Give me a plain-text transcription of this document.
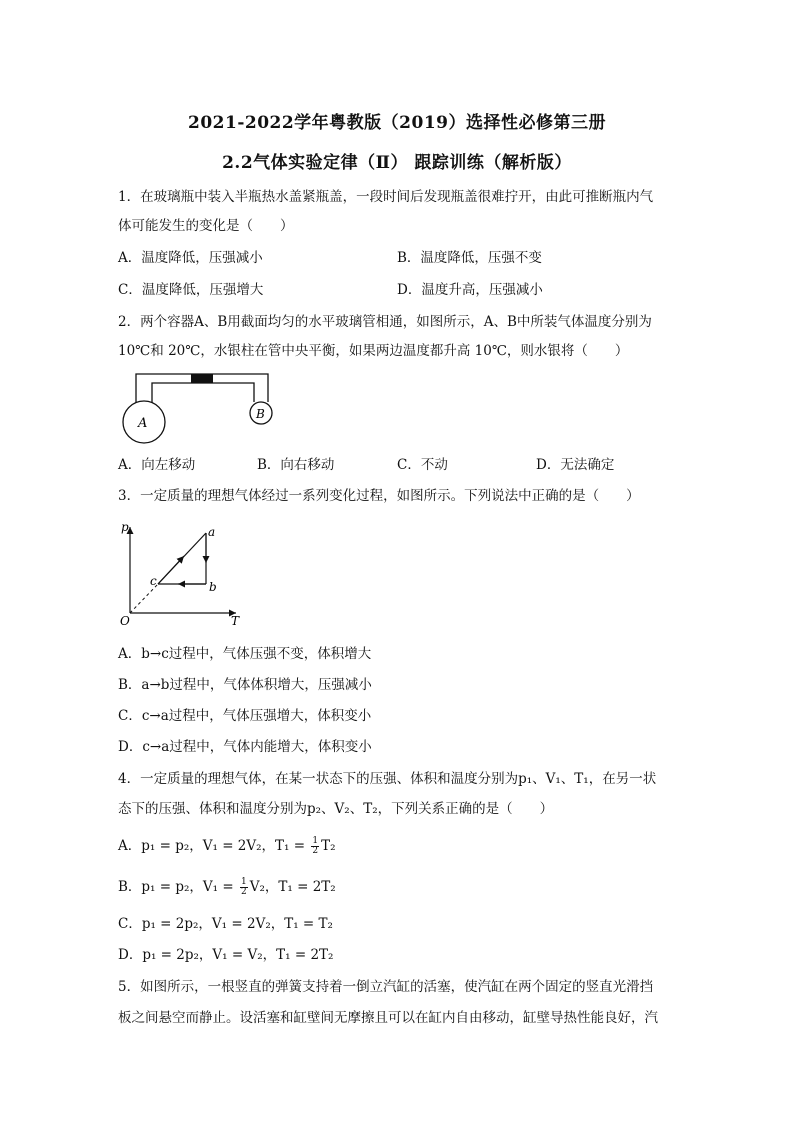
2021-2022学年粤教版（2019）选择性必修第三册
2.2气体实验定律（Ⅱ） 跟踪训练（解析版）
1．在玻璃瓶中装入半瓶热水盖紧瓶盖，一段时间后发现瓶盖很难拧开，由此可推断瓶内气
体可能发生的变化是（　　）
A．温度降低，压强减小	B．温度降低，压强不变
C．温度降低，压强增大	D．温度升高，压强减小
2．两个容器A、B用截面均匀的水平玻璃管相通，如图所示，A、B中所装气体温度分别为
10℃和 20℃，水银柱在管中央平衡，如果两边温度都升高 10℃，则水银将（　　）
A
B
A．向左移动	B．向右移动	C．不动	D．无法确定
3．一定质量的理想气体经过一系列变化过程，如图所示。下列说法中正确的是（　　）
p
T
O
a
b
c
A．b→c过程中，气体压强不变，体积增大
B．a→b过程中，气体体积增大，压强减小
C．c→a过程中，气体压强增大，体积变小
D．c→a过程中，气体内能增大，体积变小
4．一定质量的理想气体，在某一状态下的压强、体积和温度分别为p₁、V₁、T₁，在另一状
态下的压强、体积和温度分别为p₂、V₂、T₂，下列关系正确的是（　　）
A．p₁ = p₂，V₁ = 2V₂，$T_1 = \frac{1}{2} T_2$
B．p₁ = p₂，$V_1 = \frac{1}{2} V_2$，T₁ = 2T₂
C．p₁ = 2p₂，V₁ = 2V₂，T₁ = T₂
D．p₁ = 2p₂，V₁ = V₂，T₁ = 2T₂
5．如图所示，一根竖直的弹簧支持着一倒立汽缸的活塞，使汽缸在两个固定的竖直光滑挡
板之间悬空而静止。设活塞和缸壁间无摩擦且可以在缸内自由移动，缸壁导热性能良好，汽
